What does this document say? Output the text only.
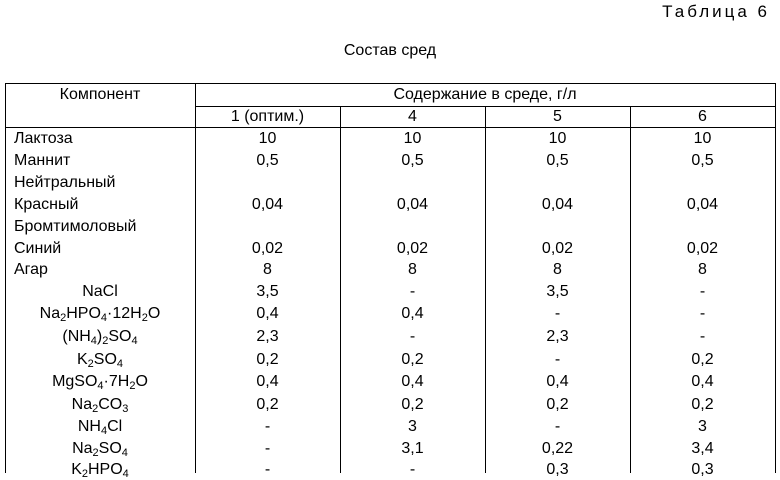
Таблица 6
Состав сред
Компонент	Содержание в среде, г/л
1 (оптим.)	4	5	6
Лактоза	10	10	10	10
Маннит	0,5	0,5	0,5	0,5
Нейтральный
Красный	0,04	0,04	0,04	0,04
Бромтимоловый
Синий	0,02	0,02	0,02	0,02
Агар	8	8	8	8
NaCl	3,5	-	3,5	-
$Na_2HPO_4\cdot 12H_2O$	0,4	0,4	-	-
$(NH_4)_2SO_4$	2,3	-	2,3	-
$K_2SO_4$	0,2	0,2	-	0,2
$MgSO_4\cdot 7H_2O$	0,4	0,4	0,4	0,4
$Na_2CO_3$	0,2	0,2	0,2	0,2
$NH_4Cl$	-	3	-	3
$Na_2SO_4$	-	3,1	0,22	3,4
$K_2HPO_4$	-	-	0,3	0,3
